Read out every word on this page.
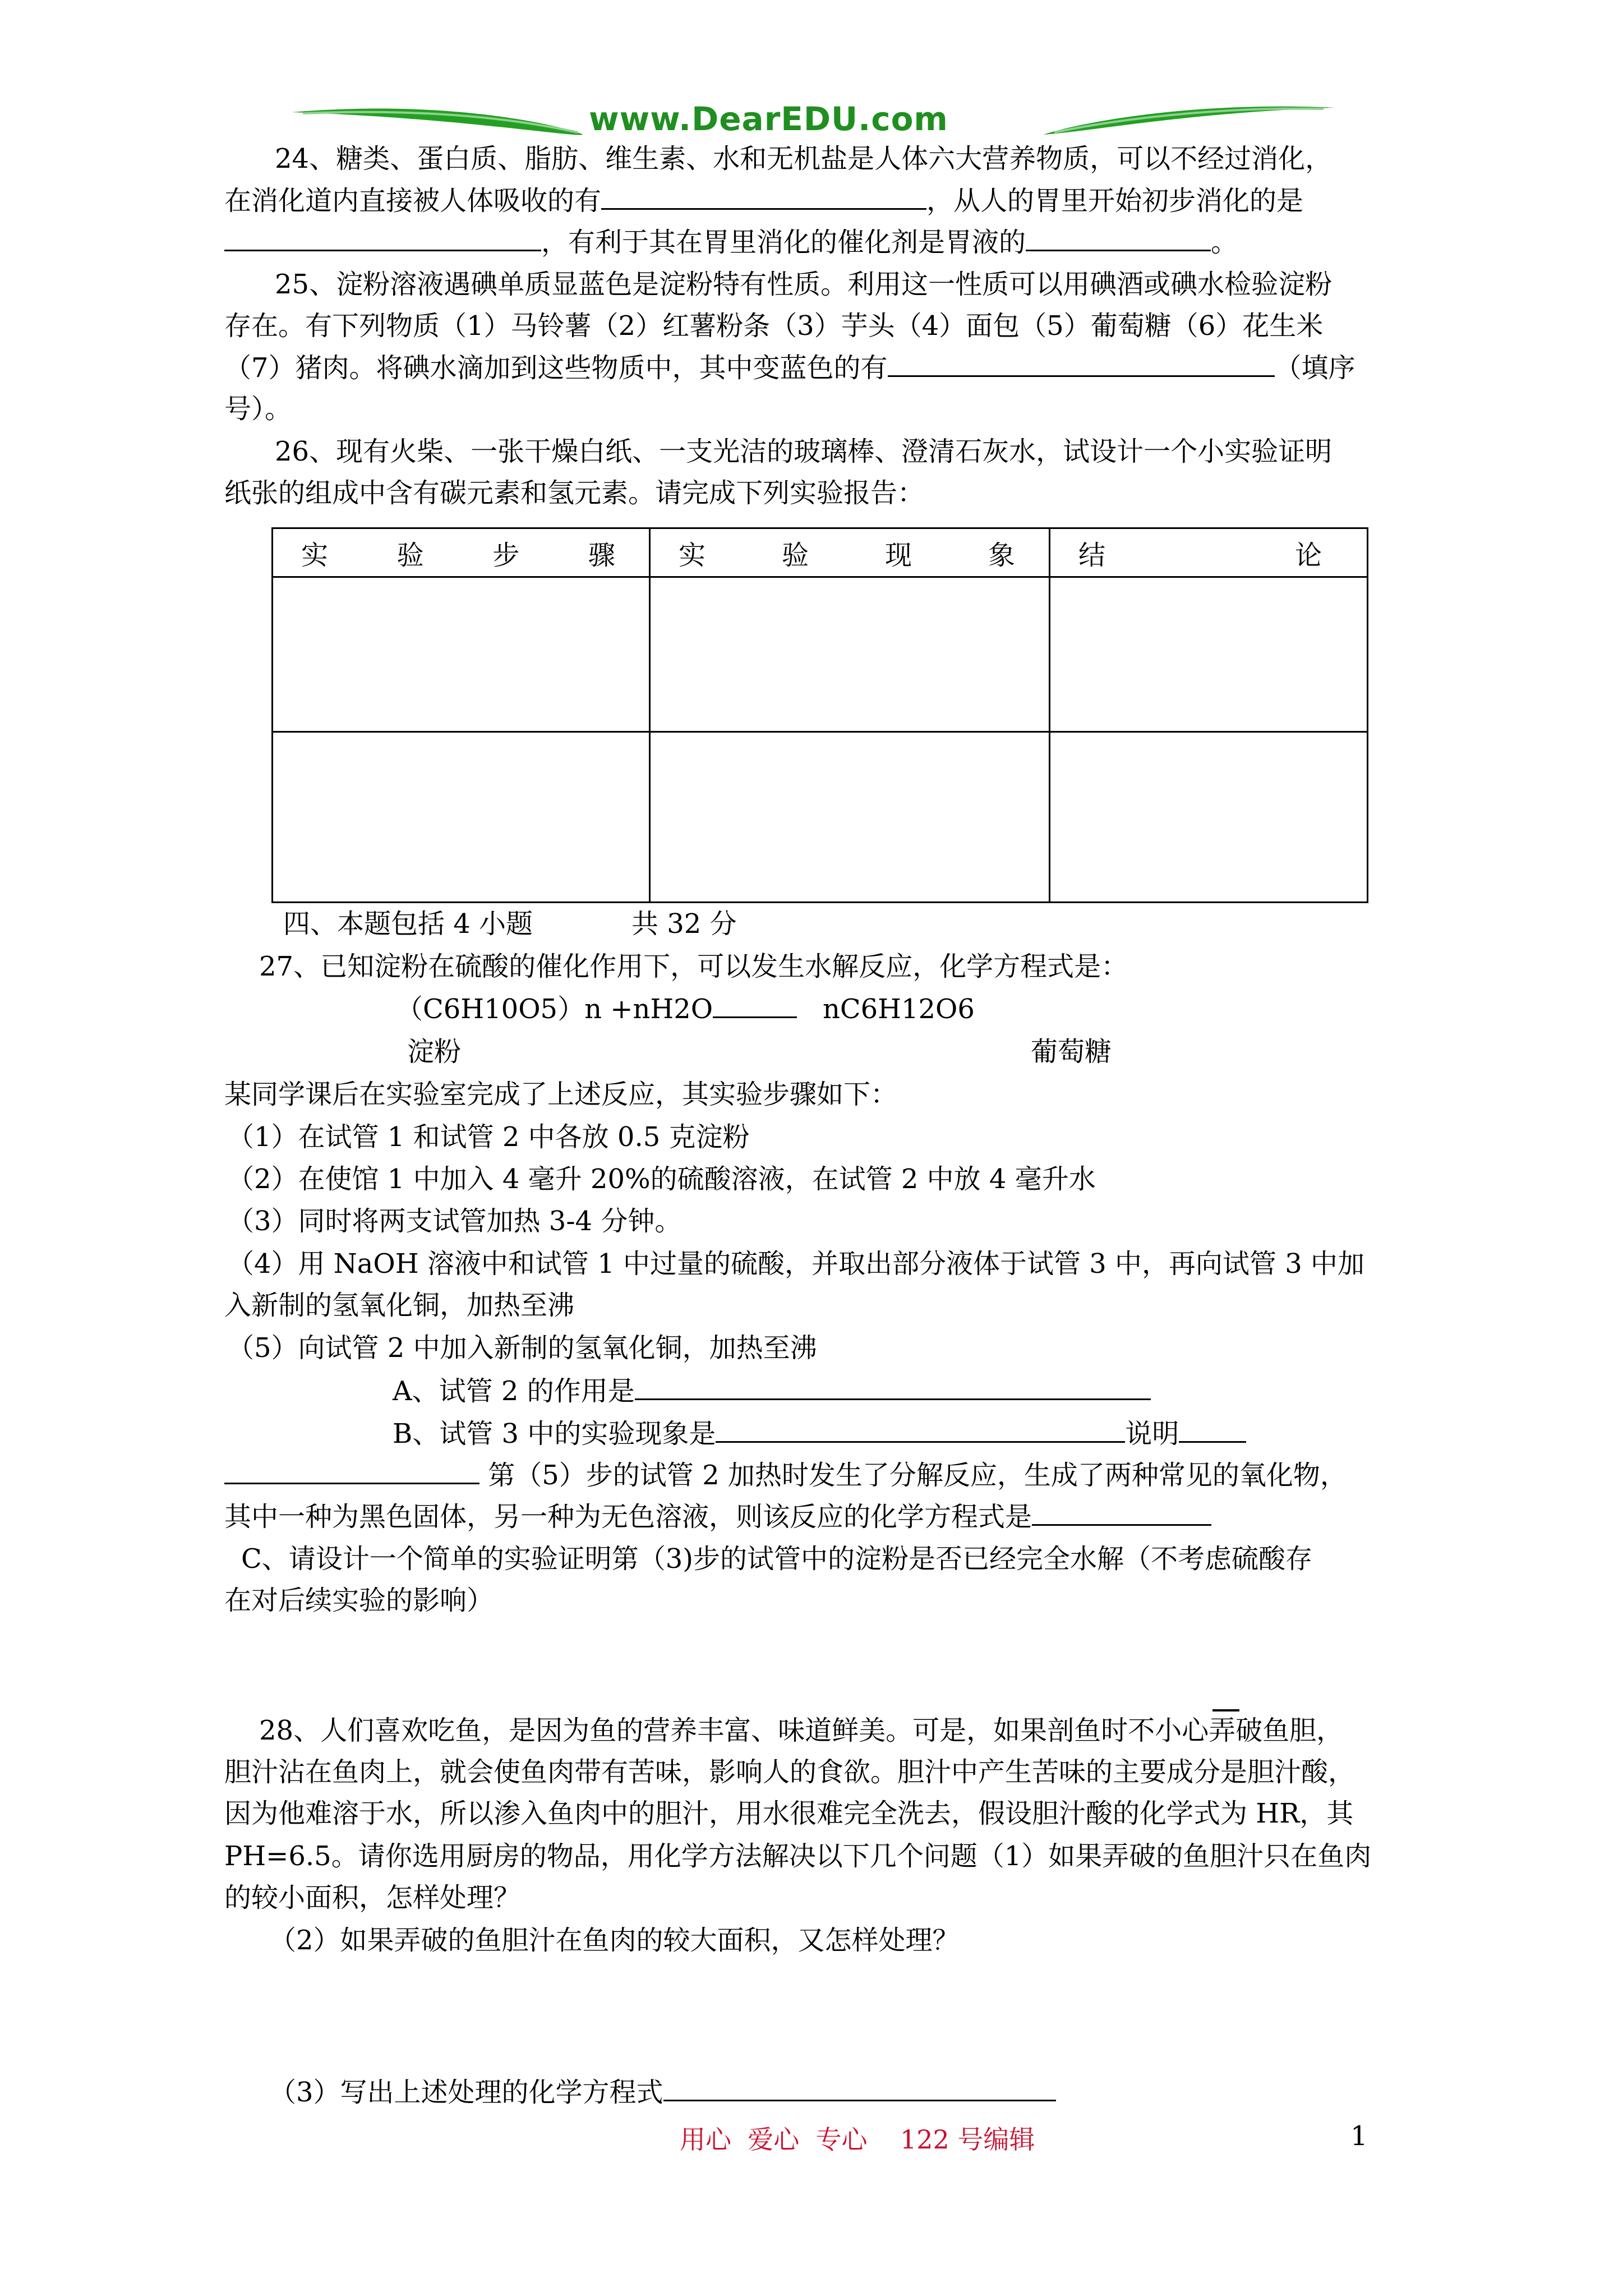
www.DearEDU.com
24、糖类、蛋白质、脂肪、维生素、水和无机盐是人体六大营养物质，可以不经过消化，
在消化道内直接被人体吸收的有	，从人的胃里开始初步消化的是
，有利于其在胃里消化的催化剂是胃液的	。
25、淀粉溶液遇碘单质显蓝色是淀粉特有性质。利用这一性质可以用碘酒或碘水检验淀粉
存在。有下列物质（1）马铃薯（2）红薯粉条（3）芋头（4）面包（5）葡萄糖（6）花生米
（7）猪肉。将碘水滴加到这些物质中，其中变蓝色的有	（填序
号）。
26、现有火柴、一张干燥白纸、一支光洁的玻璃棒、澄清石灰水，试设计一个小实验证明
纸张的组成中含有碳元素和氢元素。请完成下列实验报告：
实 验 步 骤	实 验 现 象	结 论

四、本题包括 4 小题	共 32 分
27、已知淀粉在硫酸的催化作用下，可以发生水解反应，化学方程式是：
（C6H10O5）n +nH2O	nC6H12O6
淀粉	葡萄糖
某同学课后在实验室完成了上述反应，其实验步骤如下：
（1）在试管 1 和试管 2 中各放 0.5 克淀粉
（2）在使馆 1 中加入 4 毫升 20%的硫酸溶液，在试管 2 中放 4 毫升水
（3）同时将两支试管加热 3-4 分钟。
（4）用 NaOH 溶液中和试管 1 中过量的硫酸，并取出部分液体于试管 3 中，再向试管 3 中加
入新制的氢氧化铜，加热至沸
（5）向试管 2 中加入新制的氢氧化铜，加热至沸
A、试管 2 的作用是
B、试管 3 中的实验现象是	说明
第（5）步的试管 2 加热时发生了分解反应，生成了两种常见的氧化物，
其中一种为黑色固体，另一种为无色溶液，则该反应的化学方程式是
C、请设计一个简单的实验证明第（3)步的试管中的淀粉是否已经完全水解（不考虑硫酸存
在对后续实验的影响）
28、人们喜欢吃鱼，是因为鱼的营养丰富、味道鲜美。可是，如果剖鱼时不小心弄破鱼胆，
胆汁沾在鱼肉上，就会使鱼肉带有苦味，影响人的食欲。胆汁中产生苦味的主要成分是胆汁酸，
因为他难溶于水，所以渗入鱼肉中的胆汁，用水很难完全洗去，假设胆汁酸的化学式为 HR，其
PH=6.5。请你选用厨房的物品，用化学方法解决以下几个问题（1）如果弄破的鱼胆汁只在鱼肉
的较小面积，怎样处理？
（2）如果弄破的鱼胆汁在鱼肉的较大面积，又怎样处理？
（3）写出上述处理的化学方程式
用心  爱心  专心    122 号编辑	1
